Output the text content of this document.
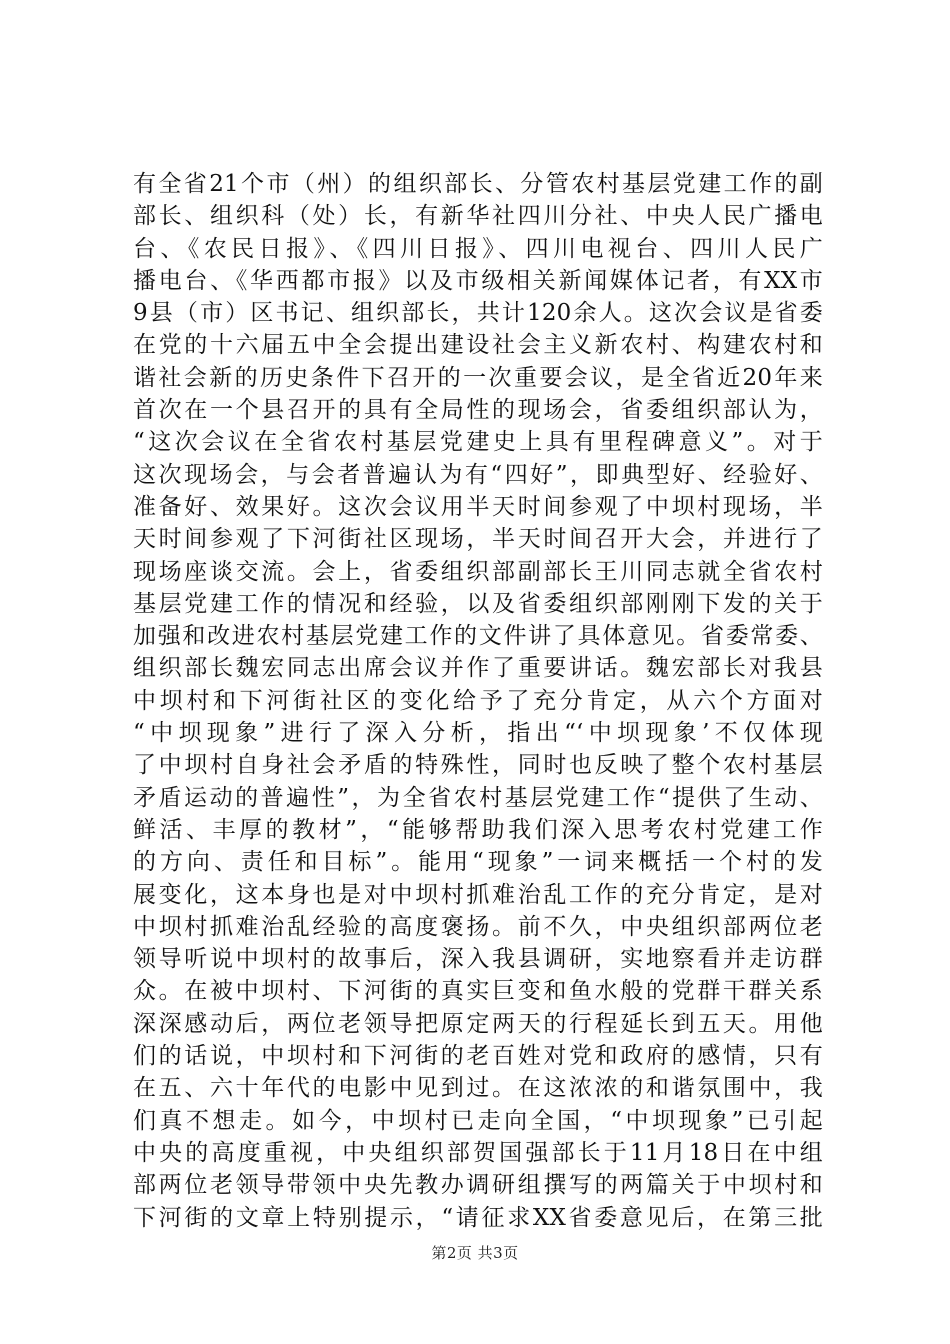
有全省21个市（州）的组织部长、分管农村基层党建工作的副
部长、组织科（处）长，有新华社四川分社、中央人民广播电
台、《农民日报》、《四川日报》、四川电视台、四川人民广
播电台、《华西都市报》以及市级相关新闻媒体记者，有XX市
9县（市）区书记、组织部长，共计120余人。这次会议是省委
在党的十六届五中全会提出建设社会主义新农村、构建农村和
谐社会新的历史条件下召开的一次重要会议，是全省近20年来
首次在一个县召开的具有全局性的现场会，省委组织部认为，
“这次会议在全省农村基层党建史上具有里程碑意义”。对于
这次现场会，与会者普遍认为有“四好”，即典型好、经验好、
准备好、效果好。这次会议用半天时间参观了中坝村现场，半
天时间参观了下河街社区现场，半天时间召开大会，并进行了
现场座谈交流。会上，省委组织部副部长王川同志就全省农村
基层党建工作的情况和经验，以及省委组织部刚刚下发的关于
加强和改进农村基层党建工作的文件讲了具体意见。省委常委、
组织部长魏宏同志出席会议并作了重要讲话。魏宏部长对我县
中坝村和下河街社区的变化给予了充分肯定，从六个方面对
“中坝现象”进行了深入分析，指出“‘中坝现象’不仅体现
了中坝村自身社会矛盾的特殊性，同时也反映了整个农村基层
矛盾运动的普遍性”，为全省农村基层党建工作“提供了生动、
鲜活、丰厚的教材”，“能够帮助我们深入思考农村党建工作
的方向、责任和目标”。能用“现象”一词来概括一个村的发
展变化，这本身也是对中坝村抓难治乱工作的充分肯定，是对
中坝村抓难治乱经验的高度褒扬。前不久，中央组织部两位老
领导听说中坝村的故事后，深入我县调研，实地察看并走访群
众。在被中坝村、下河街的真实巨变和鱼水般的党群干群关系
深深感动后，两位老领导把原定两天的行程延长到五天。用他
们的话说，中坝村和下河街的老百姓对党和政府的感情，只有
在五、六十年代的电影中见到过。在这浓浓的和谐氛围中，我
们真不想走。如今，中坝村已走向全国，“中坝现象”已引起
中央的高度重视，中央组织部贺国强部长于11月18日在中组
部两位老领导带领中央先教办调研组撰写的两篇关于中坝村和
下河街的文章上特别提示，“请征求XX省委意见后，在第三批
第2页 共3页
